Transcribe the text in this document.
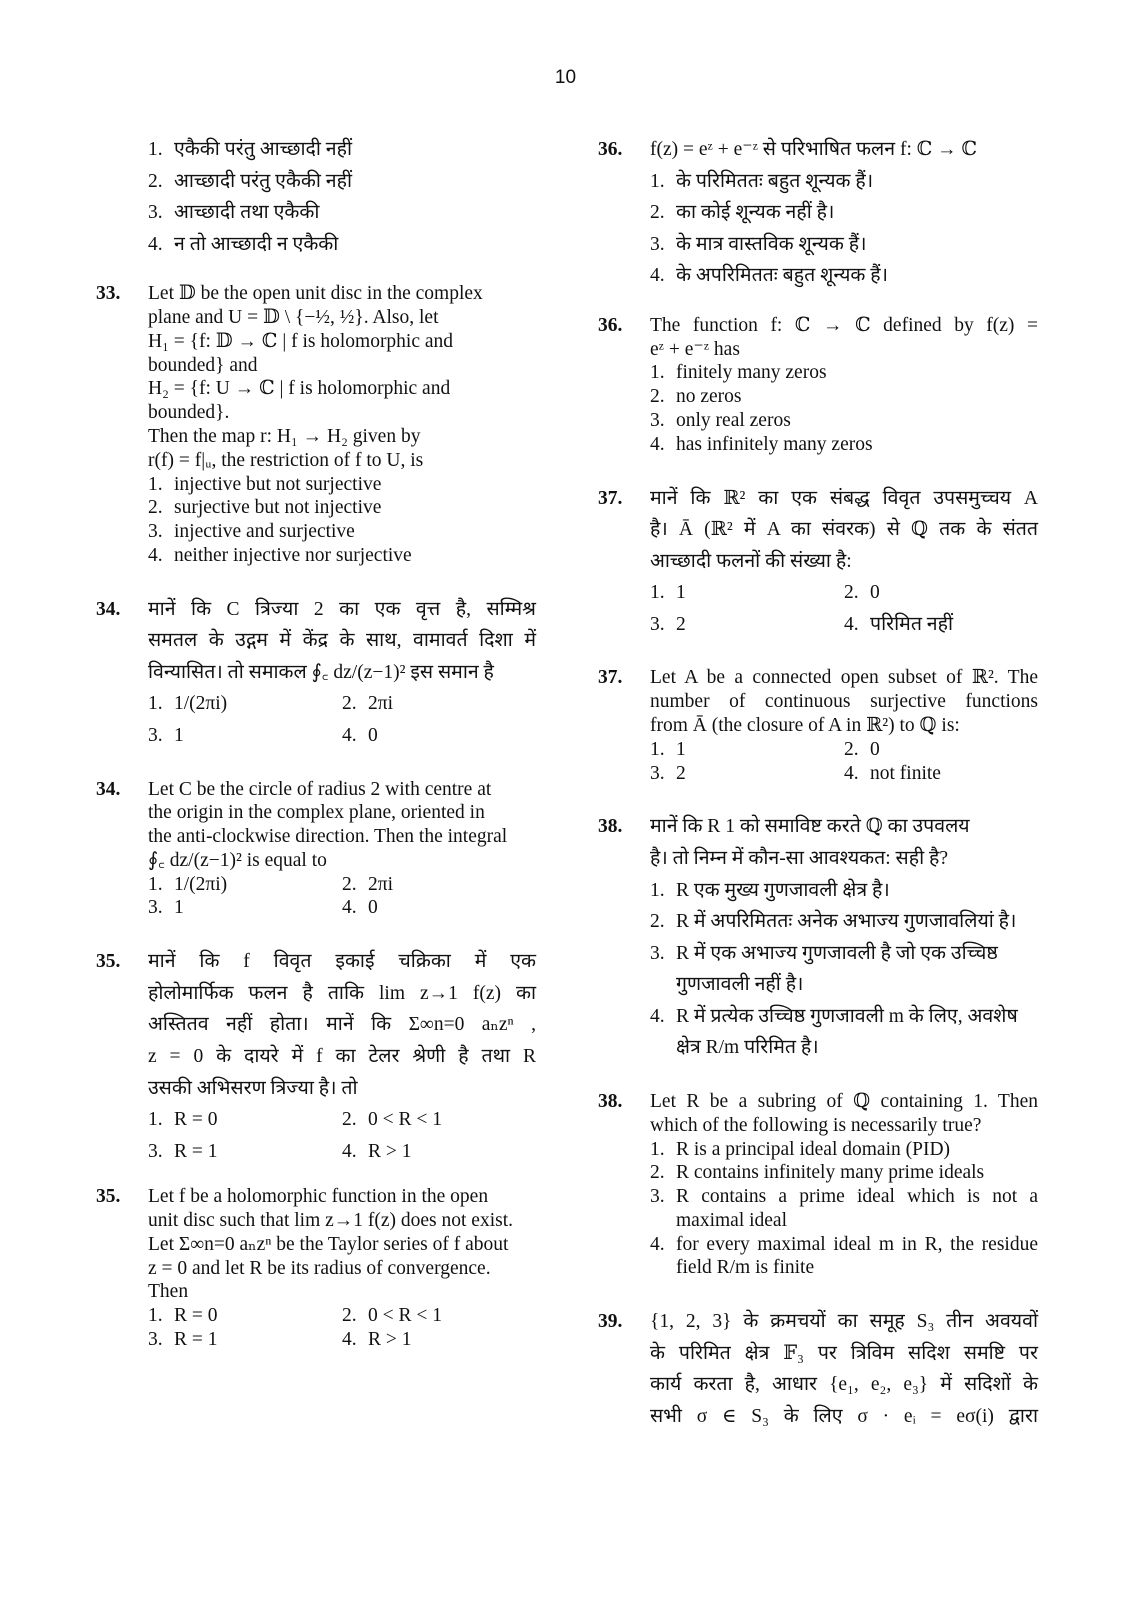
10
1. एकैकी परंतु आच्छादी नहीं
2. आच्छादी परंतु एकैकी नहीं
3. आच्छादी तथा एकैकी
4. न तो आच्छादी न एकैकी
33. Let 𝔻 be the open unit disc in the complex
plane and U = 𝔻 \ {−½, ½}. Also, let
H₁ = {f: 𝔻 → ℂ | f is holomorphic and
bounded} and
H₂ = {f: U → ℂ | f is holomorphic and
bounded}.
Then the map r: H₁ → H₂ given by
r(f) = f|ᵤ, the restriction of f to U, is
1. injective but not surjective
2. surjective but not injective
3. injective and surjective
4. neither injective nor surjective
34. मानें कि C त्रिज्या 2 का एक वृत्त है, सम्मिश्र
समतल के उद्गम में केंद्र के साथ, वामावर्त दिशा में
विन्यासित। तो समाकल ∮꜀ dz/(z−1)² इस समान है
1. 1/(2πi)	2. 2πi
3. 1	4. 0
34. Let C be the circle of radius 2 with centre at
the origin in the complex plane, oriented in
the anti-clockwise direction. Then the integral
∮꜀ dz/(z−1)² is equal to
1. 1/(2πi)	2. 2πi
3. 1	4. 0
35. मानें कि f विवृत इकाई चक्रिका में एक
होलोमार्फिक फलन है ताकि lim z→1 f(z) का
अस्तितव नहीं होता। मानें कि Σ∞n=0 aₙzⁿ ,
z = 0 के दायरे में f का टेलर श्रेणी है तथा R
उसकी अभिसरण त्रिज्या है। तो
1. R = 0	2. 0 < R < 1
3. R = 1	4. R > 1
35. Let f be a holomorphic function in the open
unit disc such that lim z→1 f(z) does not exist.
Let Σ∞n=0 aₙzⁿ be the Taylor series of f about
z = 0 and let R be its radius of convergence.
Then
1. R = 0	2. 0 < R < 1
3. R = 1	4. R > 1
36. f(z) = eᶻ + e⁻ᶻ से परिभाषित फलन f: ℂ → ℂ
1. के परिमिततः बहुत शून्यक हैं।
2. का कोई शून्यक नहीं है।
3. के मात्र वास्तविक शून्यक हैं।
4. के अपरिमिततः बहुत शून्यक हैं।
36. The function f: ℂ → ℂ defined by f(z) =
eᶻ + e⁻ᶻ has
1. finitely many zeros
2. no zeros
3. only real zeros
4. has infinitely many zeros
37. मानें कि ℝ² का एक संबद्ध विवृत उपसमुच्चय A
है। Ā (ℝ² में A का संवरक) से ℚ तक के संतत
आच्छादी फलनों की संख्या है:
1. 1	2. 0
3. 2	4. परिमित नहीं
37. Let A be a connected open subset of ℝ². The
number of continuous surjective functions
from Ā (the closure of A in ℝ²) to ℚ is:
1. 1	2. 0
3. 2	4. not finite
38. मानें कि R 1 को समाविष्ट करते ℚ का उपवलय
है। तो निम्न में कौन-सा आवश्यकत: सही है?
1. R एक मुख्य गुणजावली क्षेत्र है।
2. R में अपरिमिततः अनेक अभाज्य गुणजावलियां है।
3. R में एक अभाज्य गुणजावली है जो एक उच्चिष्ठ गुणजावली नहीं है।
4. R में प्रत्येक उच्चिष्ठ गुणजावली m के लिए, अवशेष क्षेत्र R/m परिमित है।
38. Let R be a subring of ℚ containing 1. Then
which of the following is necessarily true?
1. R is a principal ideal domain (PID)
2. R contains infinitely many prime ideals
3. R contains a prime ideal which is not a maximal ideal
4. for every maximal ideal m in R, the residue field R/m is finite
39. {1, 2, 3} के क्रमचयों का समूह S₃ तीन अवयवों
के परिमित क्षेत्र 𝔽₃ पर त्रिविम सदिश समष्टि पर
कार्य करता है, आधार {e₁, e₂, e₃} में सदिशों के
सभी σ ∈ S₃ के लिए σ · eᵢ = eσ(i) द्वारा
